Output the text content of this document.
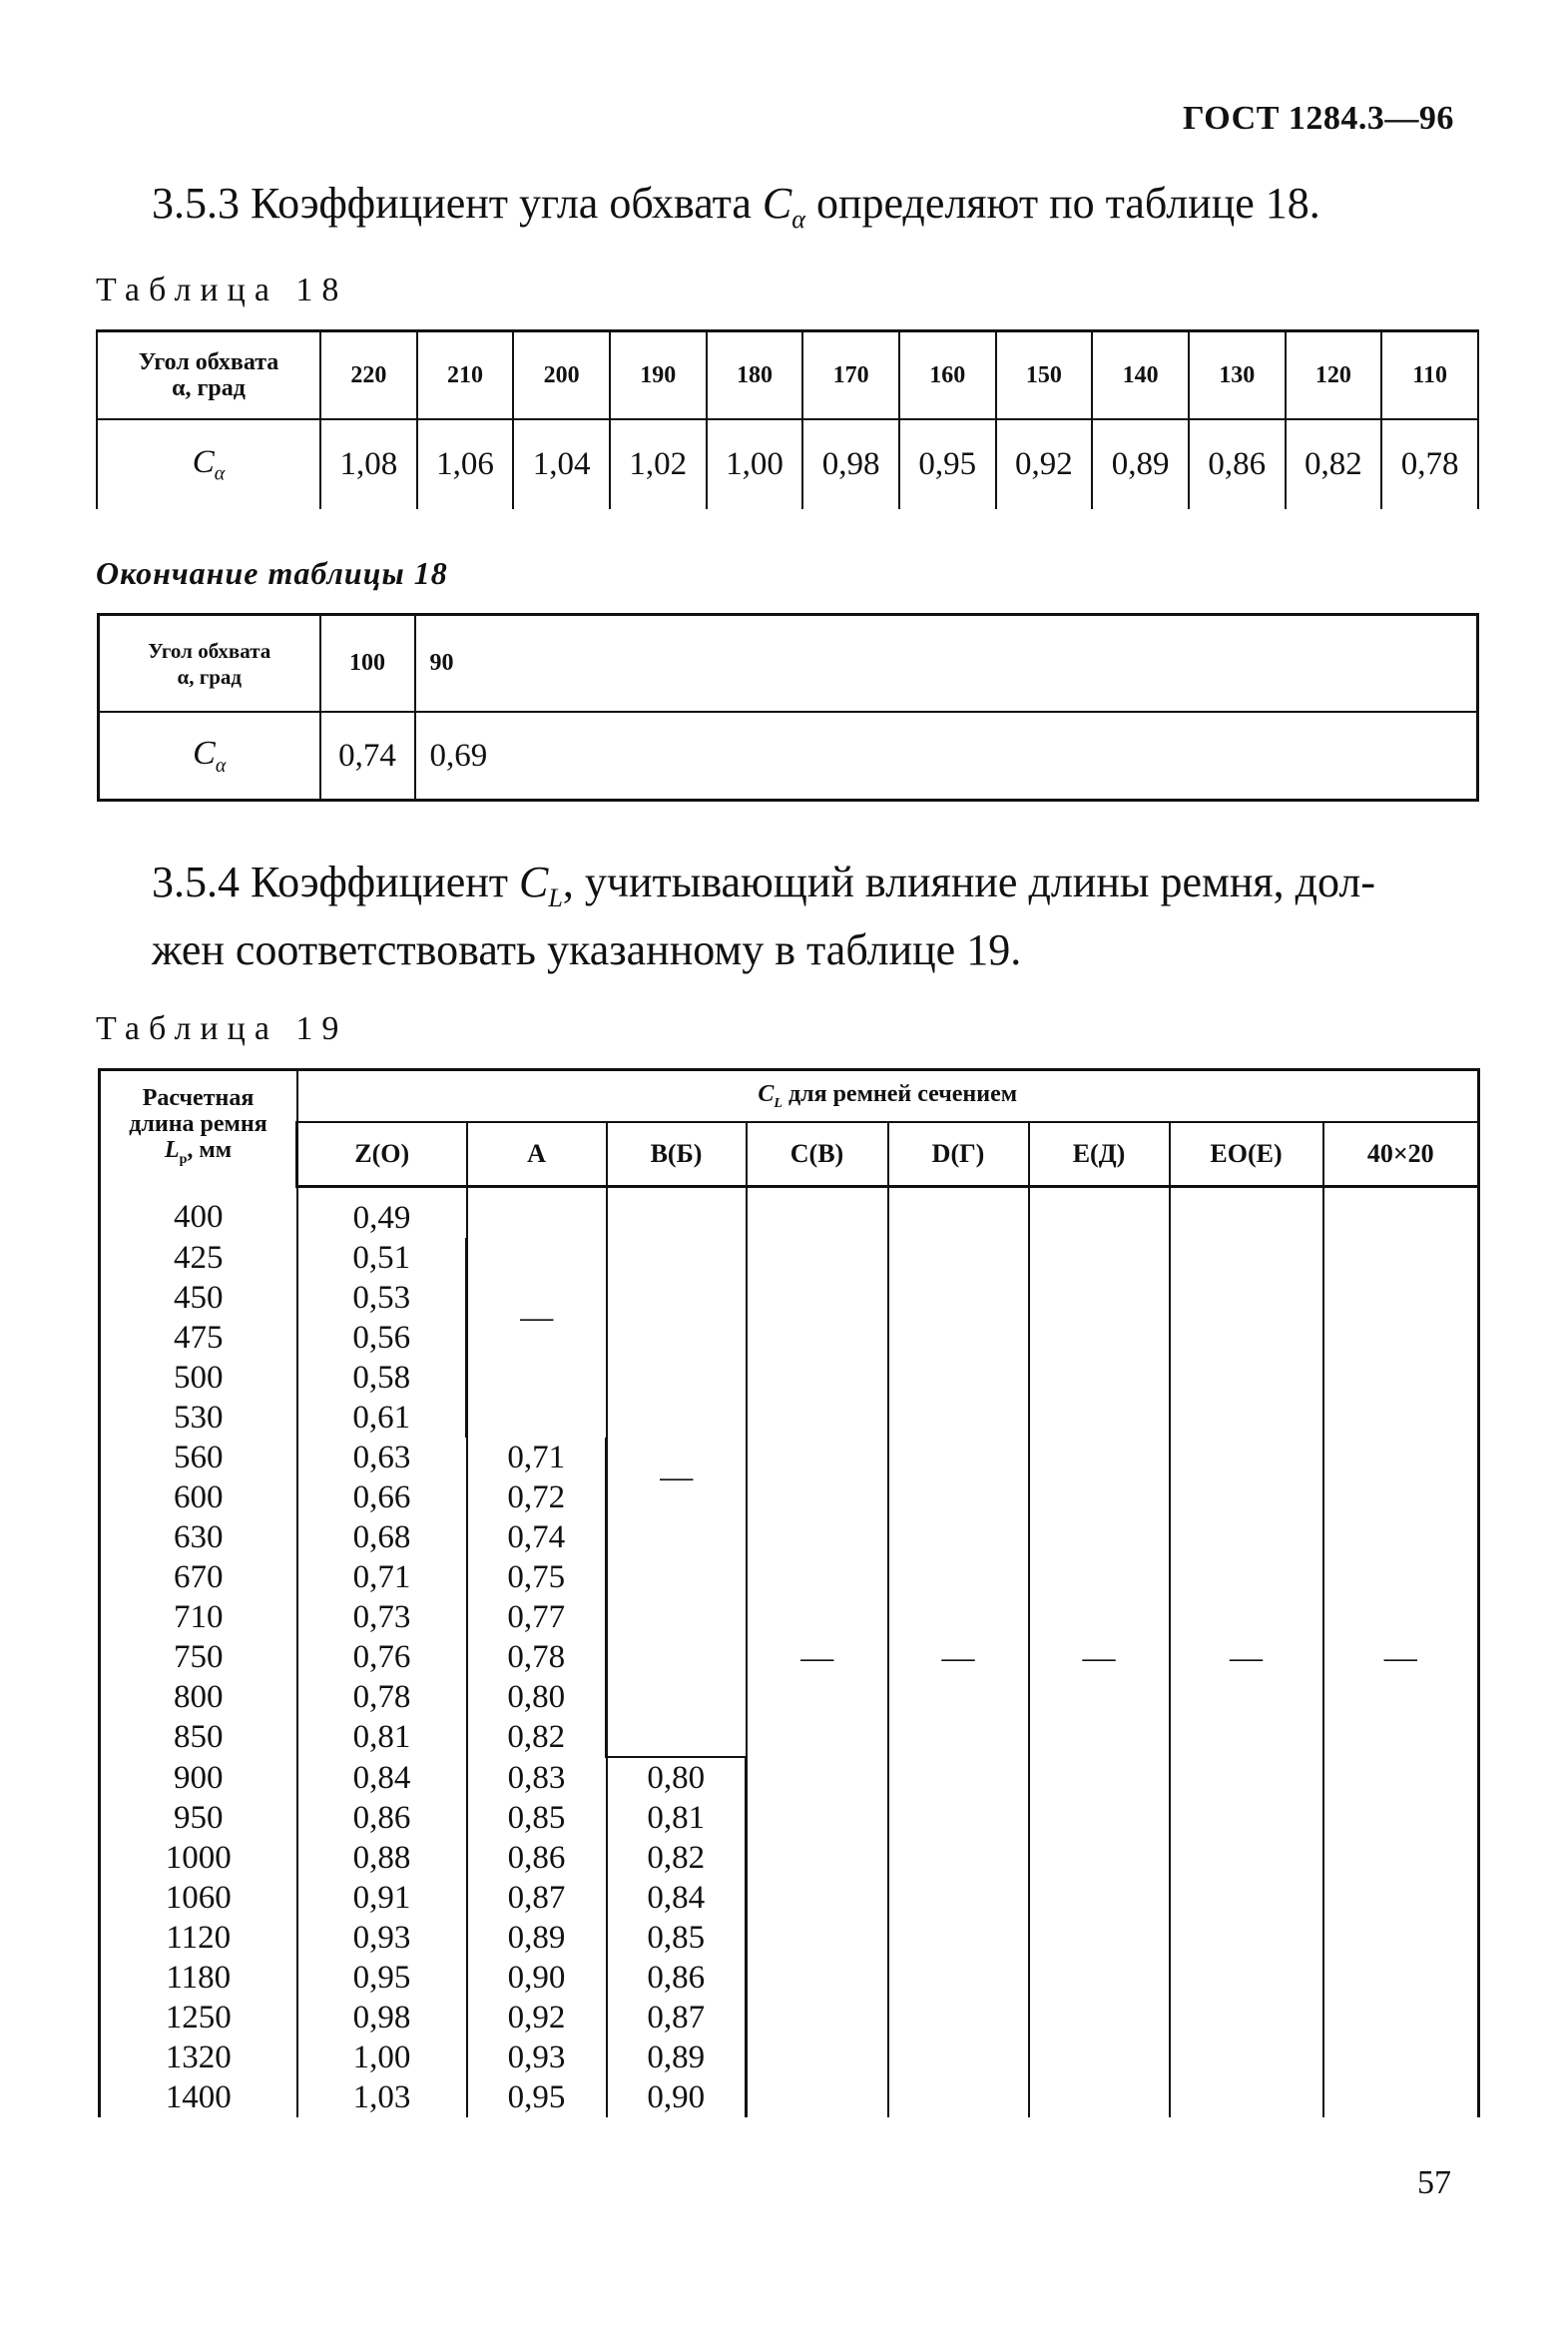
ГОСТ 1284.3—96
3.5.3 Коэффициент угла обхвата $C_\alpha$ определяют по таблице 18.
Таблица 18
Угол обхвата
α, град	220	210	200	190	180	170	160	150	140	130	120	110
$C_\alpha$	1,08	1,06	1,04	1,02	1,00	0,98	0,95	0,92	0,89	0,86	0,82	0,78
Окончание таблицы 18
Угол обхвата
α, град	100	90
$C_\alpha$	0,74	0,69
3.5.4 Коэффициент $C_L$, учитывающий влияние длины ремня, дол-
жен соответствовать указанному в таблице 19.
Таблица 19
Расчетная
длина ремня
$L_p$, мм	$C_L$ для ремней сечением							
	Z(O)	A	B(Б)	C(B)	D(Г)	E(Д)	EO(E)	40×20
400	0,49	—	—	—	—	—	—	—
425	0,51							
450	0,53							
475	0,56							
500	0,58							
530	0,61							
560	0,63	0,71						
600	0,66	0,72						
630	0,68	0,74						
670	0,71	0,75						
710	0,73	0,77						
750	0,76	0,78						
800	0,78	0,80						
850	0,81	0,82						
900	0,84	0,83	0,80					
950	0,86	0,85	0,81					
1000	0,88	0,86	0,82					
1060	0,91	0,87	0,84					
1120	0,93	0,89	0,85					
1180	0,95	0,90	0,86					
1250	0,98	0,92	0,87					
1320	1,00	0,93	0,89					
1400	1,03	0,95	0,90					
57
